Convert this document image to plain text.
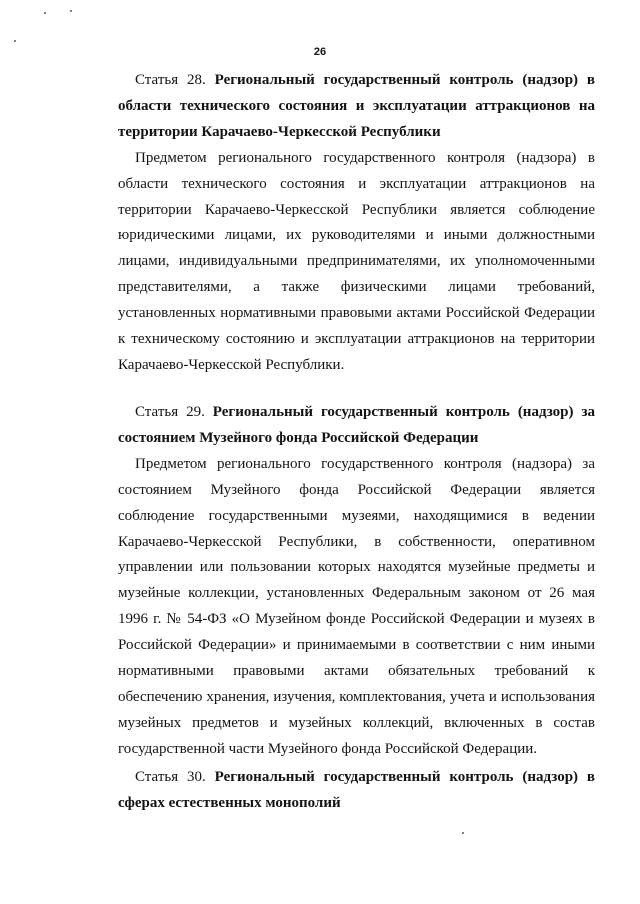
26
Статья 28. Региональный государственный контроль (надзор) в области технического состояния и эксплуатации аттракционов на территории Карачаево-Черкесской Республики
Предметом регионального государственного контроля (надзора) в области технического состояния и эксплуатации аттракционов на территории Карачаево-Черкесской Республики является соблюдение юридическими лицами, их руководителями и иными должностными лицами, индивидуальными предпринимателями, их уполномоченными представителями, а также физическими лицами требований, установленных нормативными правовыми актами Российской Федерации к техническому состоянию и эксплуатации аттракционов на территории Карачаево-Черкесской Республики.
Статья 29. Региональный государственный контроль (надзор) за состоянием Музейного фонда Российской Федерации
Предметом регионального государственного контроля (надзора) за состоянием Музейного фонда Российской Федерации является соблюдение государственными музеями, находящимися в ведении Карачаево-Черкесской Республики, в собственности, оперативном управлении или пользовании которых находятся музейные предметы и музейные коллекции, установленных Федеральным законом от 26 мая 1996 г. № 54-ФЗ «О Музейном фонде Российской Федерации и музеях в Российской Федерации» и принимаемыми в соответствии с ним иными нормативными правовыми актами обязательных требований к обеспечению хранения, изучения, комплектования, учета и использования музейных предметов и музейных коллекций, включенных в состав государственной части Музейного фонда Российской Федерации.
Статья 30. Региональный государственный контроль (надзор) в сферах естественных монополий
